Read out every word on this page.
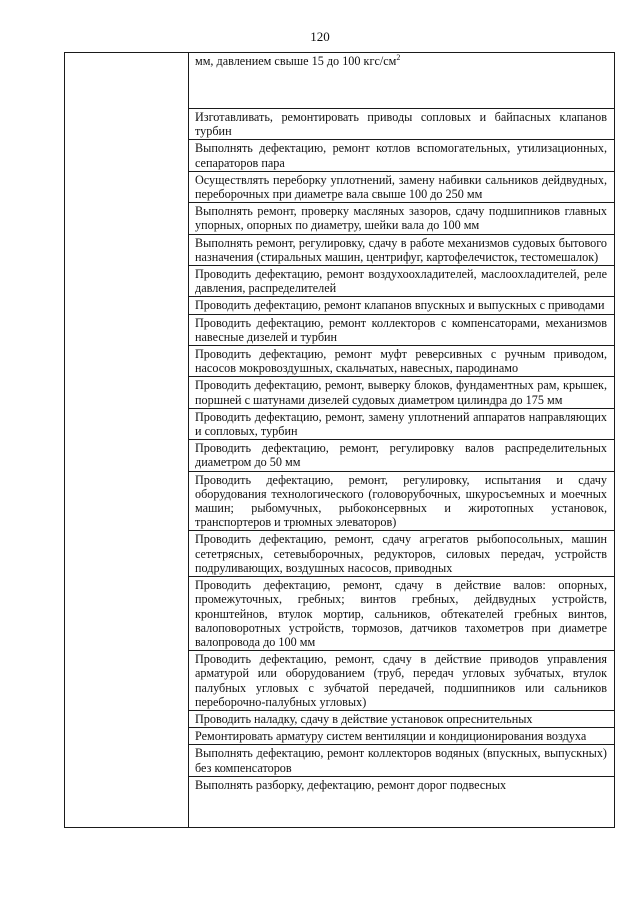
120
мм, давлением свыше 15 до 100 кгс/$см^2$
Изготавливать, ремонтировать приводы сопловых и байпасных клапанов турбин
Выполнять дефектацию, ремонт котлов вспомогательных, утилизационных, сепараторов пара
Осуществлять переборку уплотнений, замену набивки сальников дейдвудных, переборочных при диаметре вала свыше 100 до 250 мм
Выполнять ремонт, проверку масляных зазоров, сдачу подшипников главных упорных, опорных по диаметру, шейки вала до 100 мм
Выполнять ремонт, регулировку, сдачу в работе механизмов судовых бытового назначения (стиральных машин, центрифуг, картофелечисток, тестомешалок)
Проводить дефектацию, ремонт воздухоохладителей, маслоохладителей, реле давления, распределителей
Проводить дефектацию, ремонт клапанов впускных и выпускных с приводами
Проводить дефектацию, ремонт коллекторов с компенсаторами, механизмов навесные дизелей и турбин
Проводить дефектацию, ремонт муфт реверсивных с ручным приводом, насосов мокровоздушных, скальчатых, навесных, пародинамо
Проводить дефектацию, ремонт, выверку блоков, фундаментных рам, крышек, поршней с шатунами дизелей судовых диаметром цилиндра до 175 мм
Проводить дефектацию, ремонт, замену уплотнений аппаратов направляющих и сопловых, турбин
Проводить дефектацию, ремонт, регулировку валов распределительных диаметром до 50 мм
Проводить дефектацию, ремонт, регулировку, испытания и сдачу оборудования технологического (головорубочных, шкуросъемных и моечных машин; рыбомучных, рыбоконсервных и жиротопных установок, транспортеров и трюмных элеваторов)
Проводить дефектацию, ремонт, сдачу агрегатов рыбопосольных, машин сететрясных, сетевыборочных, редукторов, силовых передач, устройств подруливающих, воздушных насосов, приводных
Проводить дефектацию, ремонт, сдачу в действие валов: опорных, промежуточных, гребных; винтов гребных, дейдвудных устройств, кронштейнов, втулок мортир, сальников, обтекателей гребных винтов, валоповоротных устройств, тормозов, датчиков тахометров при диаметре валопровода до 100 мм
Проводить дефектацию, ремонт, сдачу в действие приводов управления арматурой или оборудованием (труб, передач угловых зубчатых, втулок палубных угловых с зубчатой передачей, подшипников или сальников переборочно-палубных угловых)
Проводить наладку, сдачу в действие установок опреснительных
Ремонтировать арматуру систем вентиляции и кондиционирования воздуха
Выполнять дефектацию, ремонт коллекторов водяных (впускных, выпускных) без компенсаторов
Выполнять разборку, дефектацию, ремонт дорог подвесных
